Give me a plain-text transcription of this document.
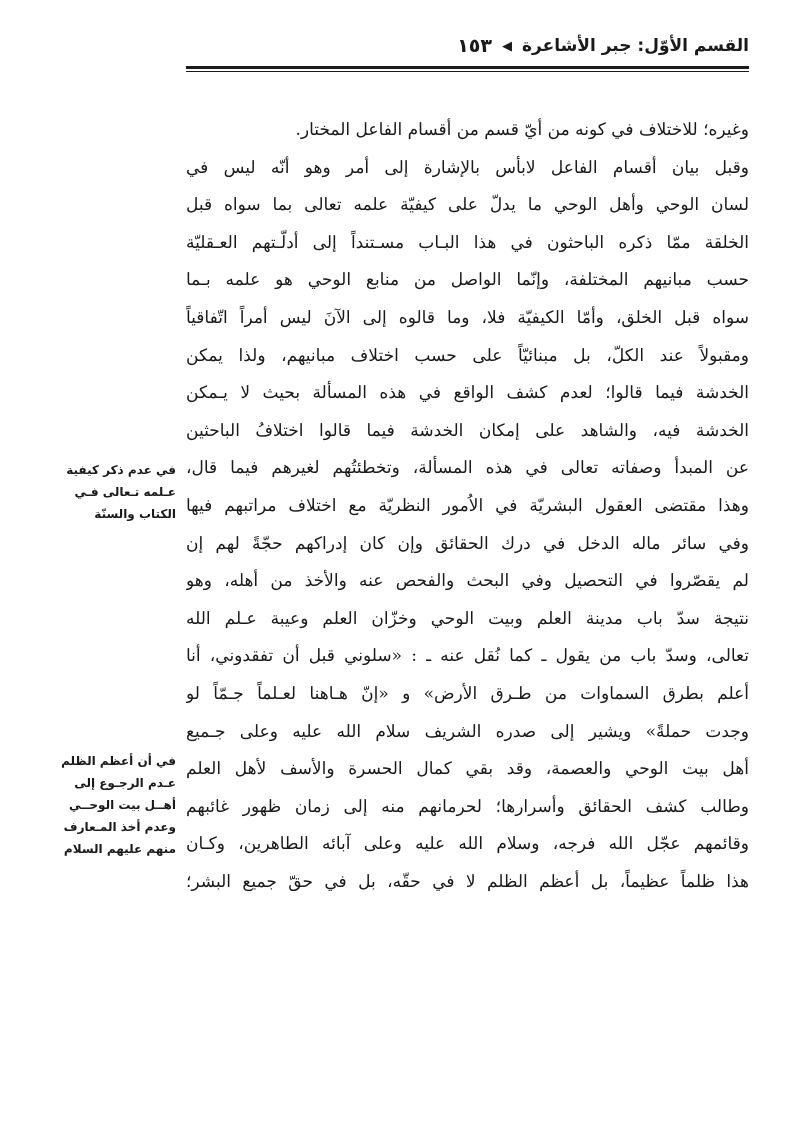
القسم الأوّل: جبر الأشاعرة
◀
١٥٣
وغيره؛ للاختلاف في كونه من أيّ قسم من أقسام الفاعل المختار.
وقبل بيان أقسام الفاعل لابأس بالإشارة إلى أمر وهو أنّه ليس في
لسان الوحي وأهل الوحي ما يدلّ على كيفيّة علمه تعالى بما سواه قبل
الخلقة ممّا ذكره الباحثون في هذا البـاب مسـتنداً إلى أدلّـتهم العـقليّة
حسب مبانيهم المختلفة، وإنّما الواصل من منابع الوحي هو علمه بـما
سواه قبل الخلق، وأمّا الكيفيّة فلا، وما قالوه إلى الآنَ ليس أمراً اتّفاقياً
ومقبولاً عند الكلّ، بل مبنائيّاً على حسب اختلاف مبانيهم، ولذا يمكن
الخدشة فيما قالوا؛ لعدم كشف الواقع في هذه المسألة بحيث لا يـمكن
الخدشة فيه، والشاهد على إمكان الخدشة فيما قالوا اختلافُ الباحثين
عن المبدأ وصفاته تعالى في هذه المسألة، وتخطئتُهم لغيرهم فيما قال،
وهذا مقتضى العقول البشريّة في الاُمور النظريّة مع اختلاف مراتبهم فيها
وفي سائر ماله الدخل في درك الحقائق وإن كان إدراكهم حجّةً لهم إن
لم يقصّروا في التحصيل وفي البحث والفحص عنه والأخذ من أهله، وهو
نتيجة سدّ باب مدينة العلم وبيت الوحي وخزّان العلم وعيبة عـلم الله
تعالى، وسدّ باب من يقول ـ كما نُقل عنه ـ : «سلوني قبل أن تفقدوني، أنا
أعلم بطرق السماوات من طـرق الأرض» و «إنّ هـاهنا لعـلماً جـمّاً لو
وجدت حملةً» ويشير إلى صدره الشريف سلام الله عليه وعلى جـميع
أهل بيت الوحي والعصمة، وقد بقي كمال الحسرة والأسف لأهل العلم
وطالب كشف الحقائق وأسرارها؛ لحرمانهم منه إلى زمان ظهور غائبهم
وقائمهم عجّل الله فرجه، وسلام الله عليه وعلى آبائه الطاهرين، وكـان
هذا ظلماً عظيماً، بل أعظم الظلم لا في حقّه، بل في حقّ جميع البشر؛
في عدم ذكر كيفية
عـلمه تـعالى فـي
الكتاب والسنّة
في أن أعظم الظلم
عـدم الرجـوع إلى
أهــل بيت الوحــي
وعدم أخذ المـعارف
منهم عليهم السلام
